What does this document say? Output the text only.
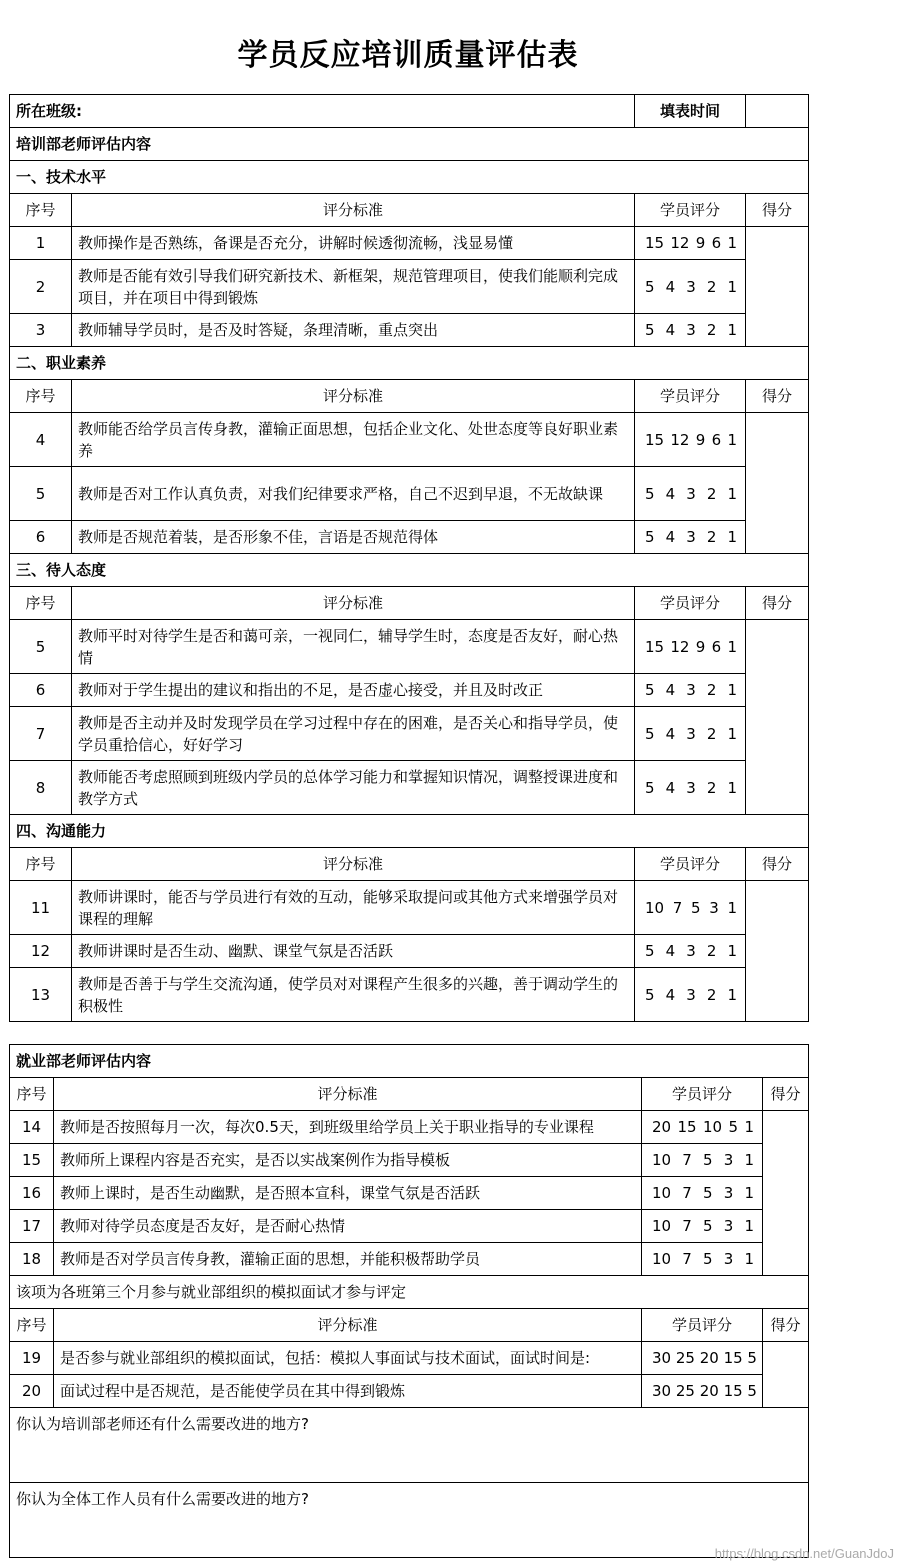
学员反应培训质量评估表
所在班级:		填表时间	
培训部老师评估内容			
一、技术水平			
序号	评分标准	学员评分	得分
1	教师操作是否熟练，备课是否充分，讲解时候透彻流畅，浅显易懂	15 12 9 6 1	
2	教师是否能有效引导我们研究新技术、新框架，规范管理项目，使我们能顺利完成项目，并在项目中得到锻炼	5 4 3 2 1	
3	教师辅导学员时，是否及时答疑，条理清晰，重点突出	5 4 3 2 1	
二、职业素养			
序号	评分标准	学员评分	得分
4	教师能否给学员言传身教，灌输正面思想，包括企业文化、处世态度等良好职业素养	15 12 9 6 1	
5	教师是否对工作认真负责，对我们纪律要求严格，自己不迟到早退，不无故缺课	5 4 3 2 1	
6	教师是否规范着装，是否形象不佳，言语是否规范得体	5 4 3 2 1	
三、待人态度			
序号	评分标准	学员评分	得分
5	教师平时对待学生是否和蔼可亲，一视同仁，辅导学生时，态度是否友好，耐心热情	15 12 9 6 1	
6	教师对于学生提出的建议和指出的不足，是否虚心接受，并且及时改正	5 4 3 2 1	
7	教师是否主动并及时发现学员在学习过程中存在的困难，是否关心和指导学员，使学员重拾信心，好好学习	5 4 3 2 1	
8	教师能否考虑照顾到班级内学员的总体学习能力和掌握知识情况，调整授课进度和教学方式	5 4 3 2 1	
四、沟通能力			
序号	评分标准	学员评分	得分
11	教师讲课时，能否与学员进行有效的互动，能够采取提问或其他方式来增强学员对课程的理解	10 7 5 3 1	
12	教师讲课时是否生动、幽默、课堂气氛是否活跃	5 4 3 2 1	
13	教师是否善于与学生交流沟通，使学员对对课程产生很多的兴趣，善于调动学生的积极性	5 4 3 2 1	
就业部老师评估内容			
序号	评分标准	学员评分	得分
14	教师是否按照每月一次，每次0.5天，到班级里给学员上关于职业指导的专业课程	20 15 10 5 1	
15	教师所上课程内容是否充实，是否以实战案例作为指导模板	10 7 5 3 1	
16	教师上课时，是否生动幽默，是否照本宣科，课堂气氛是否活跃	10 7 5 3 1	
17	教师对待学员态度是否友好，是否耐心热情	10 7 5 3 1	
18	教师是否对学员言传身教，灌输正面的思想，并能积极帮助学员	10 7 5 3 1	
该项为各班第三个月参与就业部组织的模拟面试才参与评定			
序号	评分标准	学员评分	得分
19	是否参与就业部组织的模拟面试，包括：模拟人事面试与技术面试，面试时间是:	30 25 20 15 5	
20	面试过程中是否规范，是否能使学员在其中得到锻炼	30 25 20 15 5	
你认为培训部老师还有什么需要改进的地方?			
你认为全体工作人员有什么需要改进的地方?			
https://blog.csdn.net/GuanJdoJ
